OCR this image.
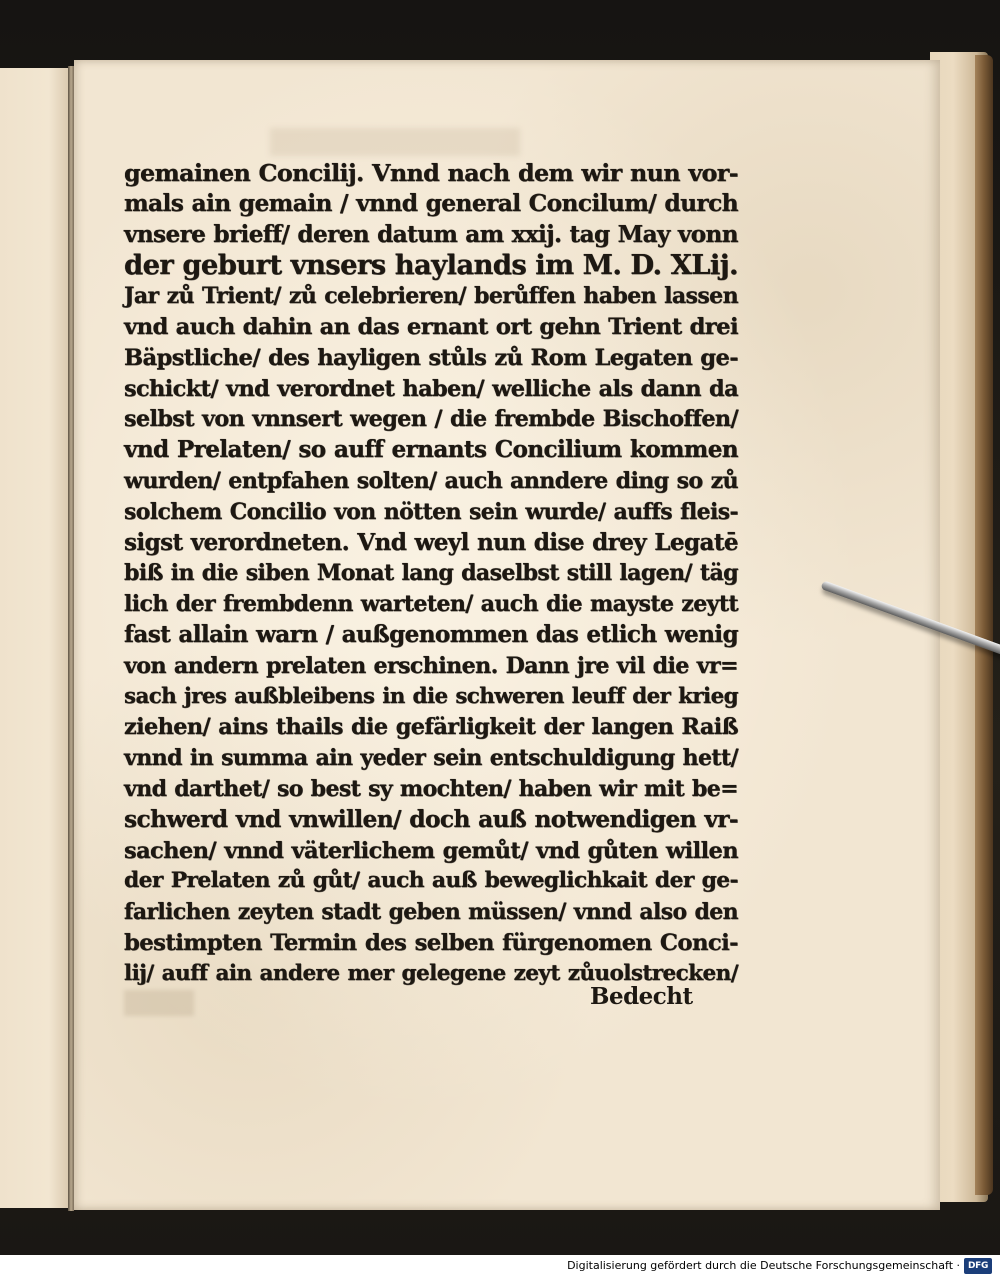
gemainen Concilij. Vnnd nach dem wir nun vor‑
mals ain gemain / vnnd general Concilum/ durch
vnsere brieff/ deren datum am xxij. tag May vonn
der geburt vnsers haylands im M. D. XLij.
Jar zů Trient/ zů celebrieren/ berůffen haben lassen
vnd auch dahin an das ernant ort gehn Trient drei
Bäpstliche/ des hayligen stůls zů Rom Legaten ge‑
schickt/ vnd verordnet haben/ welliche als dann da
selbst von vnnsert wegen / die frembde Bischoffen/
vnd Prelaten/ so auff ernants Concilium kommen
wurden/ entpfahen solten/ auch anndere ding so zů
solchem Concilio von nötten sein wurde/ auffs fleis‑
sigst verordneten. Vnd weyl nun dise drey Legatē
biß in die siben Monat lang daselbst still lagen/ täg
lich der frembdenn warteten/ auch die mayste zeytt
fast allain warn / außgenommen das etlich wenig
von andern prelaten erschinen. Dann jre vil die vr=
sach jres außbleibens in die schweren leuff der krieg
ziehen/ ains thails die gefärligkeit der langen Raiß
vnnd in summa ain yeder sein entschuldigung hett/
vnd darthet/ so best sy mochten/ haben wir mit be=
schwerd vnd vnwillen/ doch auß notwendigen vr‑
sachen/ vnnd väterlichem gemůt/ vnd gůten willen
der Prelaten zů gůt/ auch auß beweglichkait der ge‑
farlichen zeyten stadt geben müssen/ vnnd also den
bestimpten Termin des selben fürgenomen Conci‑
lij/ auff ain andere mer gelegene zeyt zůuolstrecken/
Bedecht
Digitalisierung gefördert durch die Deutsche Forschungsgemeinschaft · DFG
